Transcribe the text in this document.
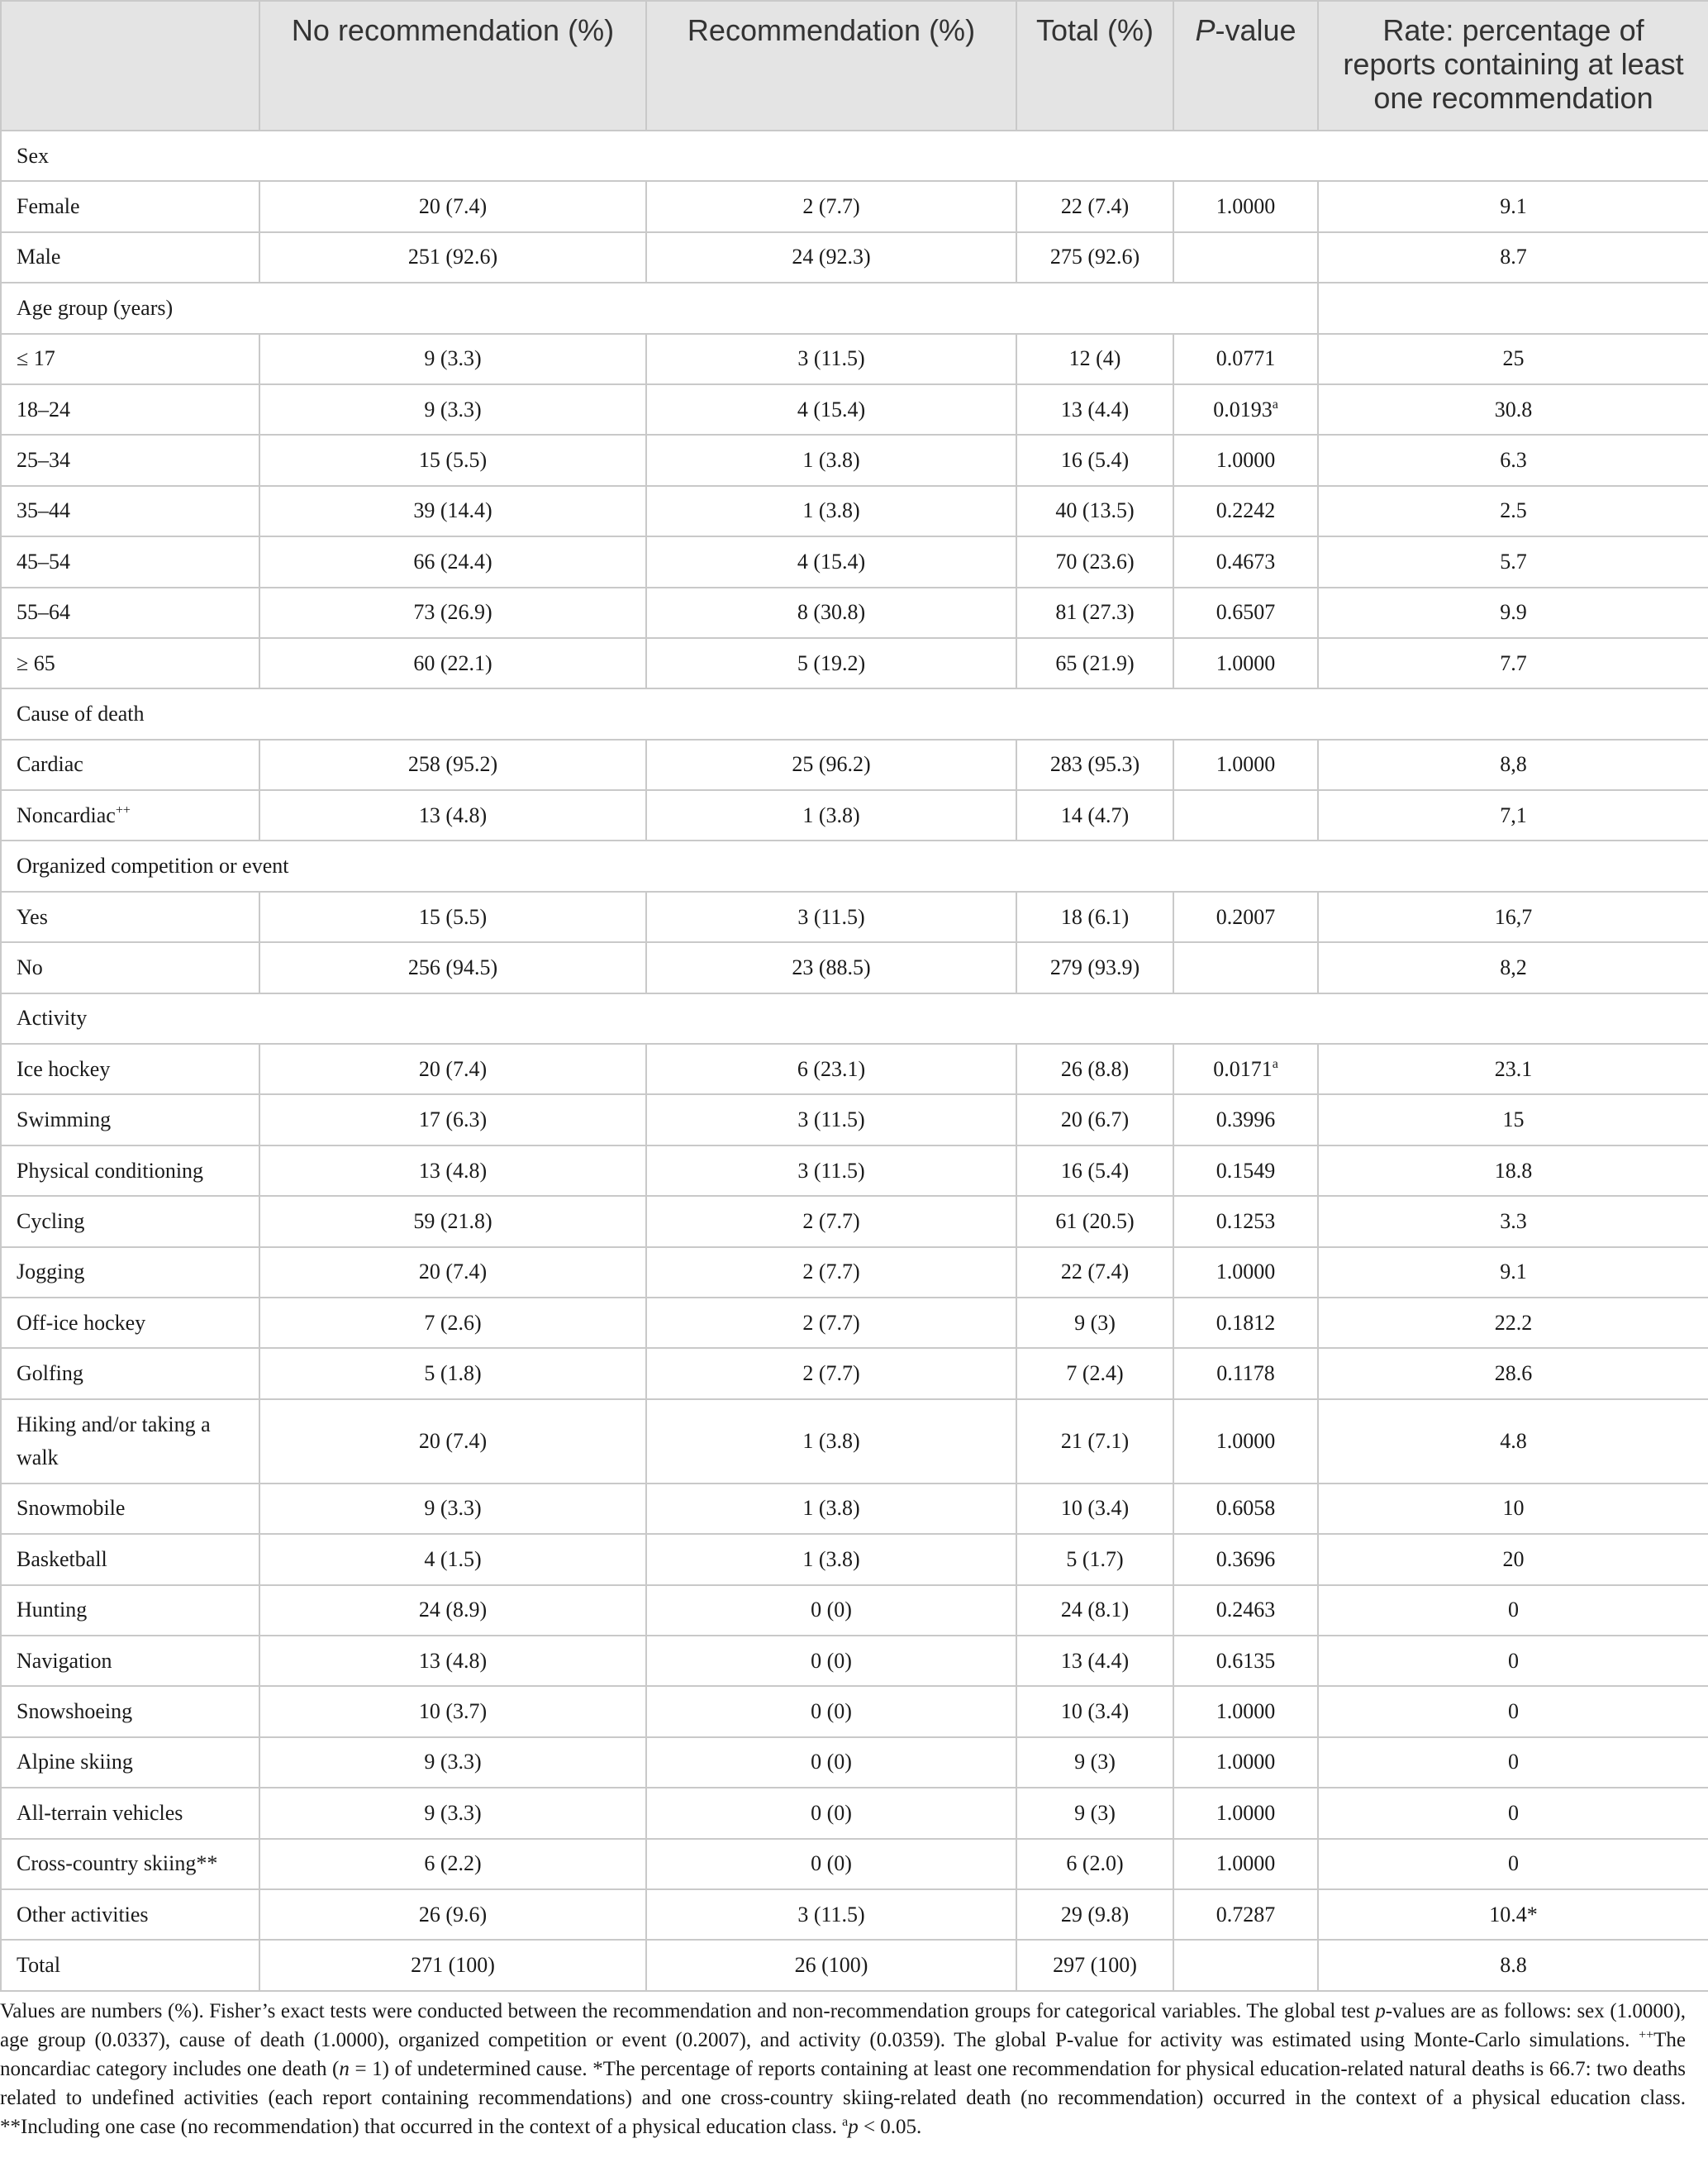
	No recommendation (%)	Recommendation (%)	Total (%)	P-value	Rate: percentage of reports containing at least one recommendation
Sex					
Female	20 (7.4)	2 (7.7)	22 (7.4)	1.0000	9.1
Male	251 (92.6)	24 (92.3)	275 (92.6)		8.7
Age group (years)					
≤ 17	9 (3.3)	3 (11.5)	12 (4)	0.0771	25
18–24	9 (3.3)	4 (15.4)	13 (4.4)	0.0193$^a$	30.8
25–34	15 (5.5)	1 (3.8)	16 (5.4)	1.0000	6.3
35–44	39 (14.4)	1 (3.8)	40 (13.5)	0.2242	2.5
45–54	66 (24.4)	4 (15.4)	70 (23.6)	0.4673	5.7
55–64	73 (26.9)	8 (30.8)	81 (27.3)	0.6507	9.9
≥ 65	60 (22.1)	5 (19.2)	65 (21.9)	1.0000	7.7
Cause of death					
Cardiac	258 (95.2)	25 (96.2)	283 (95.3)	1.0000	8,8
Noncardiac++	13 (4.8)	1 (3.8)	14 (4.7)		7,1
Organized competition or event					
Yes	15 (5.5)	3 (11.5)	18 (6.1)	0.2007	16,7
No	256 (94.5)	23 (88.5)	279 (93.9)		8,2
Activity					
Ice hockey	20 (7.4)	6 (23.1)	26 (8.8)	0.0171$^a$	23.1
Swimming	17 (6.3)	3 (11.5)	20 (6.7)	0.3996	15
Physical conditioning	13 (4.8)	3 (11.5)	16 (5.4)	0.1549	18.8
Cycling	59 (21.8)	2 (7.7)	61 (20.5)	0.1253	3.3
Jogging	20 (7.4)	2 (7.7)	22 (7.4)	1.0000	9.1
Off-ice hockey	7 (2.6)	2 (7.7)	9 (3)	0.1812	22.2
Golfing	5 (1.8)	2 (7.7)	7 (2.4)	0.1178	28.6
Hiking and/or taking a walk	20 (7.4)	1 (3.8)	21 (7.1)	1.0000	4.8
Snowmobile	9 (3.3)	1 (3.8)	10 (3.4)	0.6058	10
Basketball	4 (1.5)	1 (3.8)	5 (1.7)	0.3696	20
Hunting	24 (8.9)	0 (0)	24 (8.1)	0.2463	0
Navigation	13 (4.8)	0 (0)	13 (4.4)	0.6135	0
Snowshoeing	10 (3.7)	0 (0)	10 (3.4)	1.0000	0
Alpine skiing	9 (3.3)	0 (0)	9 (3)	1.0000	0
All-terrain vehicles	9 (3.3)	0 (0)	9 (3)	1.0000	0
Cross-country skiing**	6 (2.2)	0 (0)	6 (2.0)	1.0000	0
Other activities	26 (9.6)	3 (11.5)	29 (9.8)	0.7287	10.4*
Total	271 (100)	26 (100)	297 (100)		8.8
Values are numbers (%). Fisher’s exact tests were conducted between the recommendation and non-recommendation groups for categorical variables. The global test p-values are as follows: sex (1.0000), age group (0.0337), cause of death (1.0000), organized competition or event (0.2007), and activity (0.0359). The global P-value for activity was estimated using Monte-Carlo simulations. ++The noncardiac category includes one death (n = 1) of undetermined cause. *The percentage of reports containing at least one recommendation for physical education-related natural deaths is 66.7: two deaths related to undefined activities (each report containing recommendations) and one cross-country skiing-related death (no recommendation) occurred in the context of a physical education class. **Including one case (no recommendation) that occurred in the context of a physical education class. $^a$p < 0.05.
